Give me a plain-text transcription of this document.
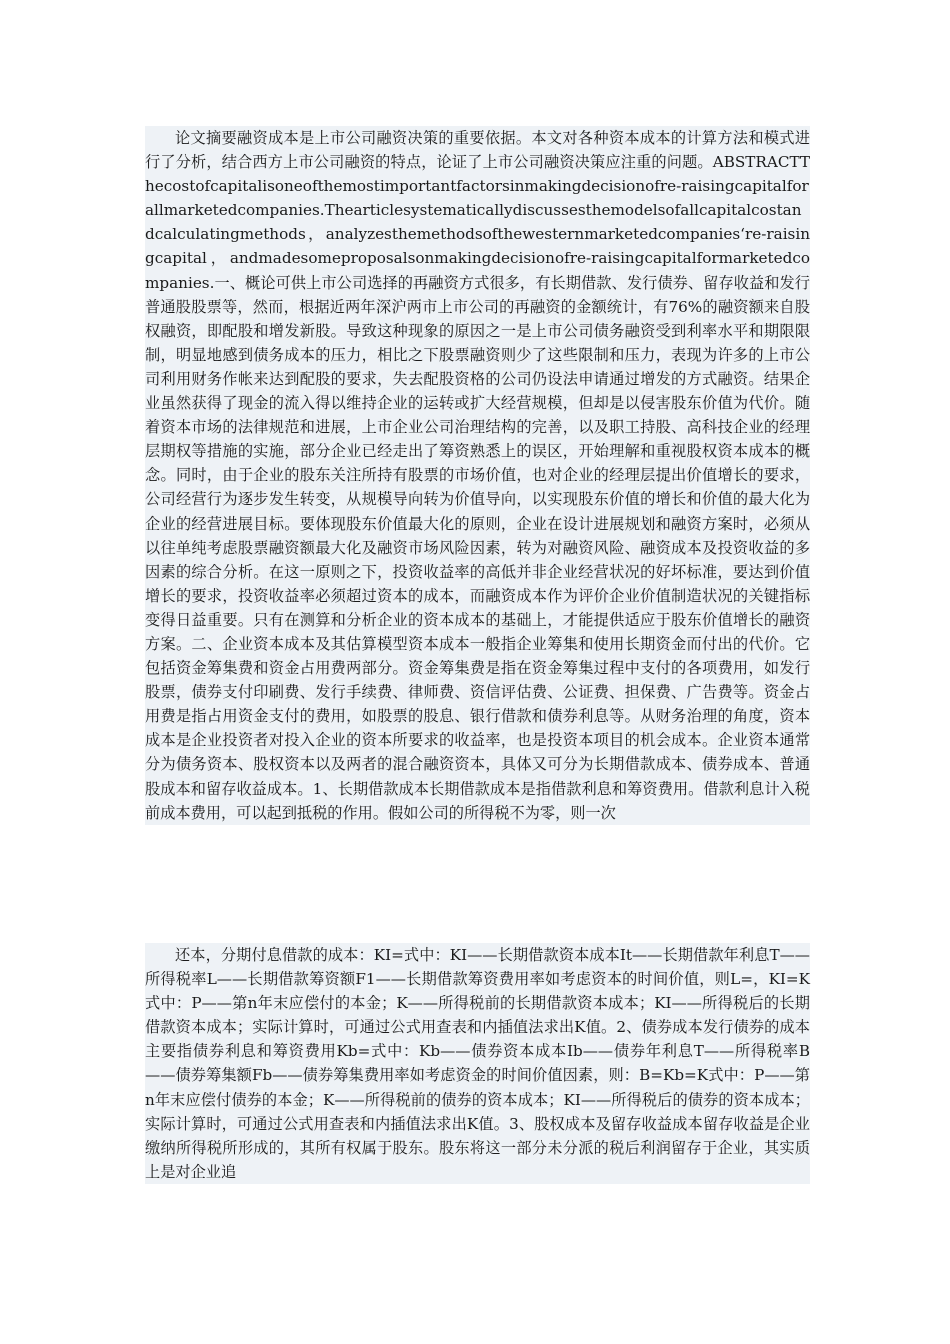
论文摘要融资成本是上市公司融资决策的重要依据。本文对各种资本成本的计算方法和模式进行了分析，结合西方上市公司融资的特点，论证了上市公司融资决策应注重的问题。ABSTRACTThecostofcapitalisoneofthemostimportantfactorsinmakingdecisionofre-raisingcapitalforallmarketedcompanies.Thearticlesystematicallydiscussesthemodelsofallcapitalcostandcalculatingmethods，analyzesthemethodsofthewesternmarketedcompanies‘re-raisingcapital，andmadesomeproposalsonmakingdecisionofre-raisingcapitalformarketedcompanies.一、概论可供上市公司选择的再融资方式很多，有长期借款、发行债券、留存收益和发行普通股股票等，然而，根据近两年深沪两市上市公司的再融资的金额统计，有76%的融资额来自股权融资，即配股和增发新股。导致这种现象的原因之一是上市公司债务融资受到利率水平和期限限制，明显地感到债务成本的压力，相比之下股票融资则少了这些限制和压力，表现为许多的上市公司利用财务作帐来达到配股的要求，失去配股资格的公司仍设法申请通过增发的方式融资。结果企业虽然获得了现金的流入得以维持企业的运转或扩大经营规模，但却是以侵害股东价值为代价。随着资本市场的法律规范和进展，上市企业公司治理结构的完善，以及职工持股、高科技企业的经理层期权等措施的实施，部分企业已经走出了筹资熟悉上的误区，开始理解和重视股权资本成本的概念。同时，由于企业的股东关注所持有股票的市场价值，也对企业的经理层提出价值增长的要求，公司经营行为逐步发生转变，从规模导向转为价值导向，以实现股东价值的增长和价值的最大化为企业的经营进展目标。要体现股东价值最大化的原则，企业在设计进展规划和融资方案时，必须从以往单纯考虑股票融资额最大化及融资市场风险因素，转为对融资风险、融资成本及投资收益的多因素的综合分析。在这一原则之下，投资收益率的高低并非企业经营状况的好坏标准，要达到价值增长的要求，投资收益率必须超过资本的成本，而融资成本作为评价企业价值制造状况的关键指标变得日益重要。只有在测算和分析企业的资本成本的基础上，才能提供适应于股东价值增长的融资方案。二、企业资本成本及其估算模型资本成本一般指企业筹集和使用长期资金而付出的代价。它包括资金筹集费和资金占用费两部分。资金筹集费是指在资金筹集过程中支付的各项费用，如发行股票，债券支付印刷费、发行手续费、律师费、资信评估费、公证费、担保费、广告费等。资金占用费是指占用资金支付的费用，如股票的股息、银行借款和债券利息等。从财务治理的角度，资本成本是企业投资者对投入企业的资本所要求的收益率，也是投资本项目的机会成本。企业资本通常分为债务资本、股权资本以及两者的混合融资资本，具体又可分为长期借款成本、债券成本、普通股成本和留存收益成本。1、长期借款成本长期借款成本是指借款利息和筹资费用。借款利息计入税前成本费用，可以起到抵税的作用。假如公司的所得税不为零，则一次

还本，分期付息借款的成本：KI=式中：KI——长期借款资本成本It——长期借款年利息T——所得税率L——长期借款筹资额F1——长期借款筹资费用率如考虑资本的时间价值，则L=，KI=K式中：P——第n年末应偿付的本金；K——所得税前的长期借款资本成本；KI——所得税后的长期借款资本成本；实际计算时，可通过公式用查表和内插值法求出K值。2、债券成本发行债券的成本主要指债券利息和筹资费用Kb=式中：Kb——债券资本成本Ib——债券年利息T——所得税率B——债券筹集额Fb——债券筹集费用率如考虑资金的时间价值因素，则：B=Kb=K式中：P——第n年末应偿付债券的本金；K——所得税前的债券的资本成本；KI——所得税后的债券的资本成本；实际计算时，可通过公式用查表和内插值法求出K值。3、股权成本及留存收益成本留存收益是企业缴纳所得税所形成的，其所有权属于股东。股东将这一部分未分派的税后利润留存于企业，其实质上是对企业追
